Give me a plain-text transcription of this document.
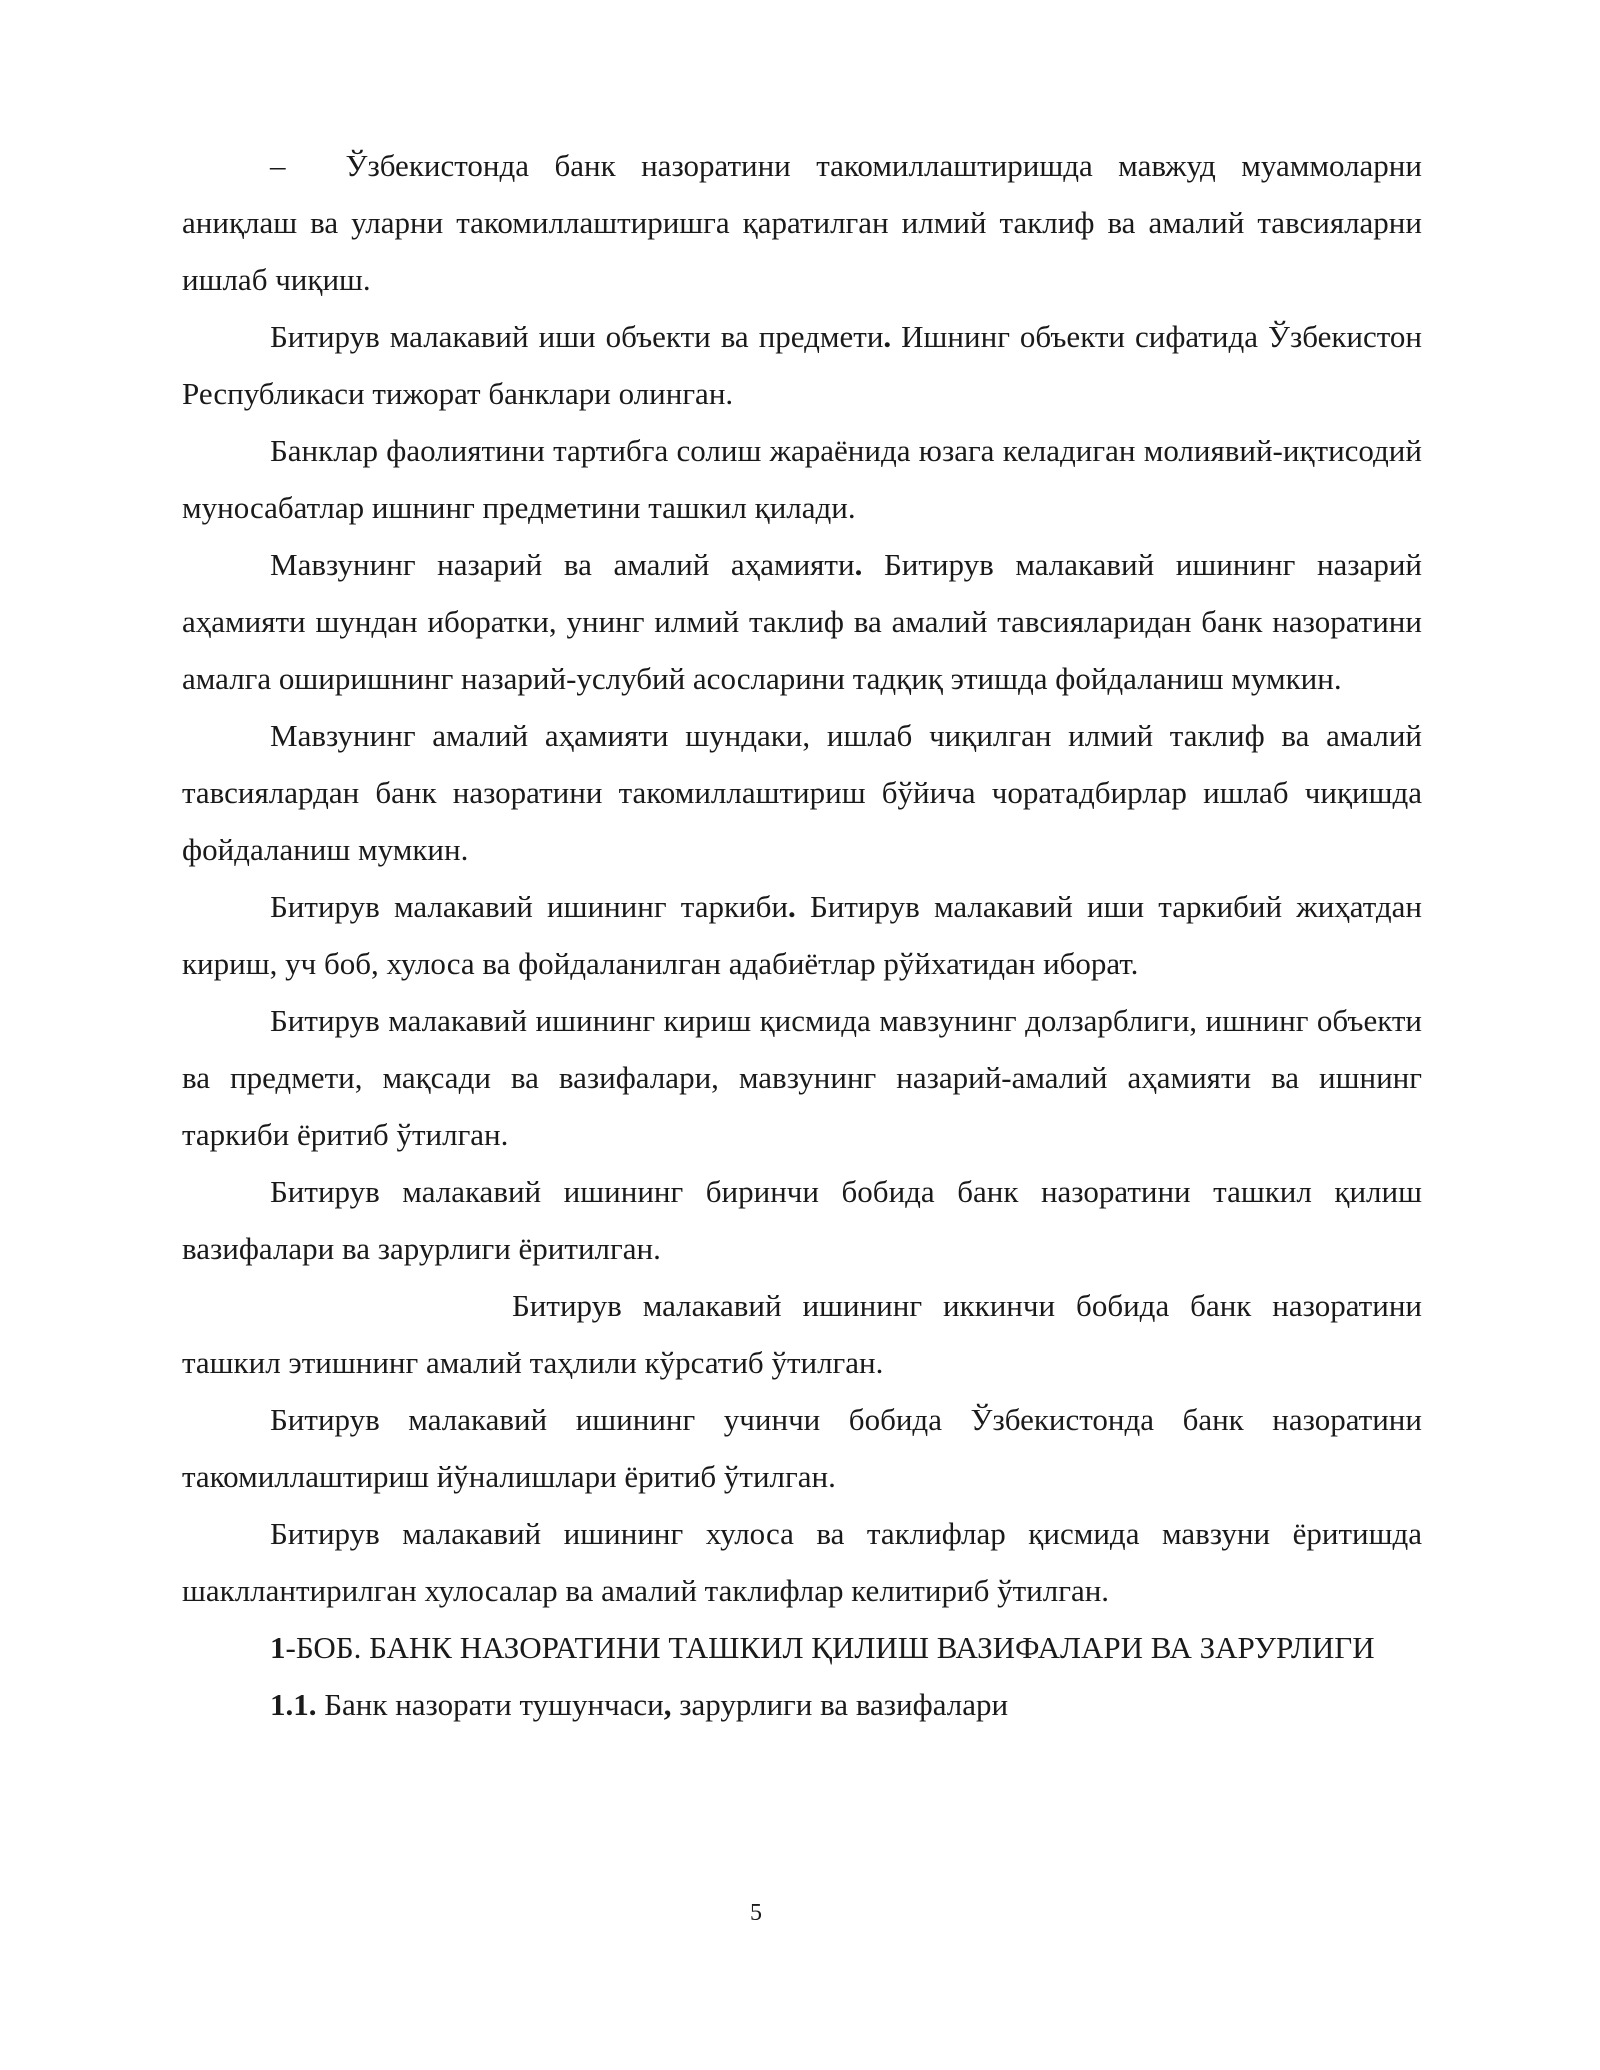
– Ўзбекистонда банк назоратини такомиллаштиришда мавжуд муаммоларни аниқлаш ва уларни такомиллаштиришга қаратилган илмий таклиф ва амалий тавсияларни ишлаб чиқиш.

Битирув малакавий иши объекти ва предмети. Ишнинг объекти сифатида Ўзбекистон Республикаси тижорат банклари олинган.

Банклар фаолиятини тартибга солиш жараёнида юзага келадиган молиявий-иқтисодий муносабатлар ишнинг предметини ташкил қилади.

Мавзунинг назарий ва амалий аҳамияти. Битирув малакавий ишининг назарий аҳамияти шундан иборатки, унинг илмий таклиф ва амалий тавсияларидан банк назоратини амалга оширишнинг назарий-услубий асосларини тадқиқ этишда фойдаланиш мумкин.

Мавзунинг амалий аҳамияти шундаки, ишлаб чиқилган илмий таклиф ва амалий тавсиялардан банк назоратини такомиллаштириш бўйича чоратадбирлар ишлаб чиқишда фойдаланиш мумкин.

Битирув малакавий ишининг таркиби. Битирув малакавий иши таркибий жиҳатдан кириш, уч боб, хулоса ва фойдаланилган адабиётлар рўйхатидан иборат.

Битирув малакавий ишининг кириш қисмида мавзунинг долзарблиги, ишнинг объекти ва предмети, мақсади ва вазифалари, мавзунинг назарий-амалий аҳамияти ва ишнинг таркиби ёритиб ўтилган.

Битирув малакавий ишининг биринчи бобида банк назоратини ташкил қилиш вазифалари ва зарурлиги ёритилган.

Битирув малакавий ишининг иккинчи бобида банк назоратини ташкил этишнинг амалий таҳлили кўрсатиб ўтилган.

Битирув малакавий ишининг учинчи бобида Ўзбекистонда банк назоратини такомиллаштириш йўналишлари ёритиб ўтилган.

Битирув малакавий ишининг хулоса ва таклифлар қисмида мавзуни ёритишда шакллантирилган хулосалар ва амалий таклифлар келитириб ўтилган.

1-БОБ. БАНК НАЗОРАТИНИ ТАШКИЛ ҚИЛИШ ВАЗИФАЛАРИ ВА ЗАРУРЛИГИ

1.1. Банк назорати тушунчаси, зарурлиги ва вазифалари

5
